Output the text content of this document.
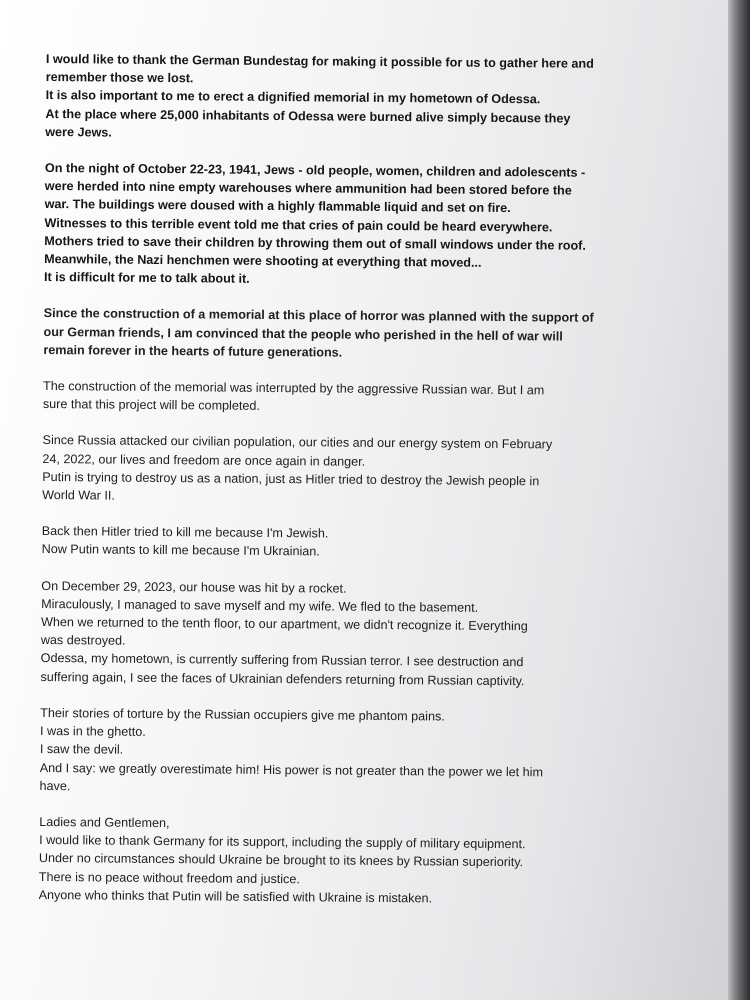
I would like to thank the German Bundestag for making it possible for us to gather here and
remember those we lost.
It is also important to me to erect a dignified memorial in my hometown of Odessa.
At the place where 25,000 inhabitants of Odessa were burned alive simply because they
were Jews.

On the night of October 22-23, 1941, Jews - old people, women, children and adolescents -
were herded into nine empty warehouses where ammunition had been stored before the
war. The buildings were doused with a highly flammable liquid and set on fire.
Witnesses to this terrible event told me that cries of pain could be heard everywhere.
Mothers tried to save their children by throwing them out of small windows under the roof.
Meanwhile, the Nazi henchmen were shooting at everything that moved...
It is difficult for me to talk about it.

Since the construction of a memorial at this place of horror was planned with the support of
our German friends, I am convinced that the people who perished in the hell of war will
remain forever in the hearts of future generations.

The construction of the memorial was interrupted by the aggressive Russian war. But I am
sure that this project will be completed.

Since Russia attacked our civilian population, our cities and our energy system on February
24, 2022, our lives and freedom are once again in danger.
Putin is trying to destroy us as a nation, just as Hitler tried to destroy the Jewish people in
World War II.

Back then Hitler tried to kill me because I'm Jewish.
Now Putin wants to kill me because I'm Ukrainian.

On December 29, 2023, our house was hit by a rocket.
Miraculously, I managed to save myself and my wife. We fled to the basement.
When we returned to the tenth floor, to our apartment, we didn't recognize it. Everything
was destroyed.
Odessa, my hometown, is currently suffering from Russian terror. I see destruction and
suffering again, I see the faces of Ukrainian defenders returning from Russian captivity.

Their stories of torture by the Russian occupiers give me phantom pains.
I was in the ghetto.
I saw the devil.
And I say: we greatly overestimate him! His power is not greater than the power we let him
have.

Ladies and Gentlemen,
I would like to thank Germany for its support, including the supply of military equipment.
Under no circumstances should Ukraine be brought to its knees by Russian superiority.
There is no peace without freedom and justice.
Anyone who thinks that Putin will be satisfied with Ukraine is mistaken.
